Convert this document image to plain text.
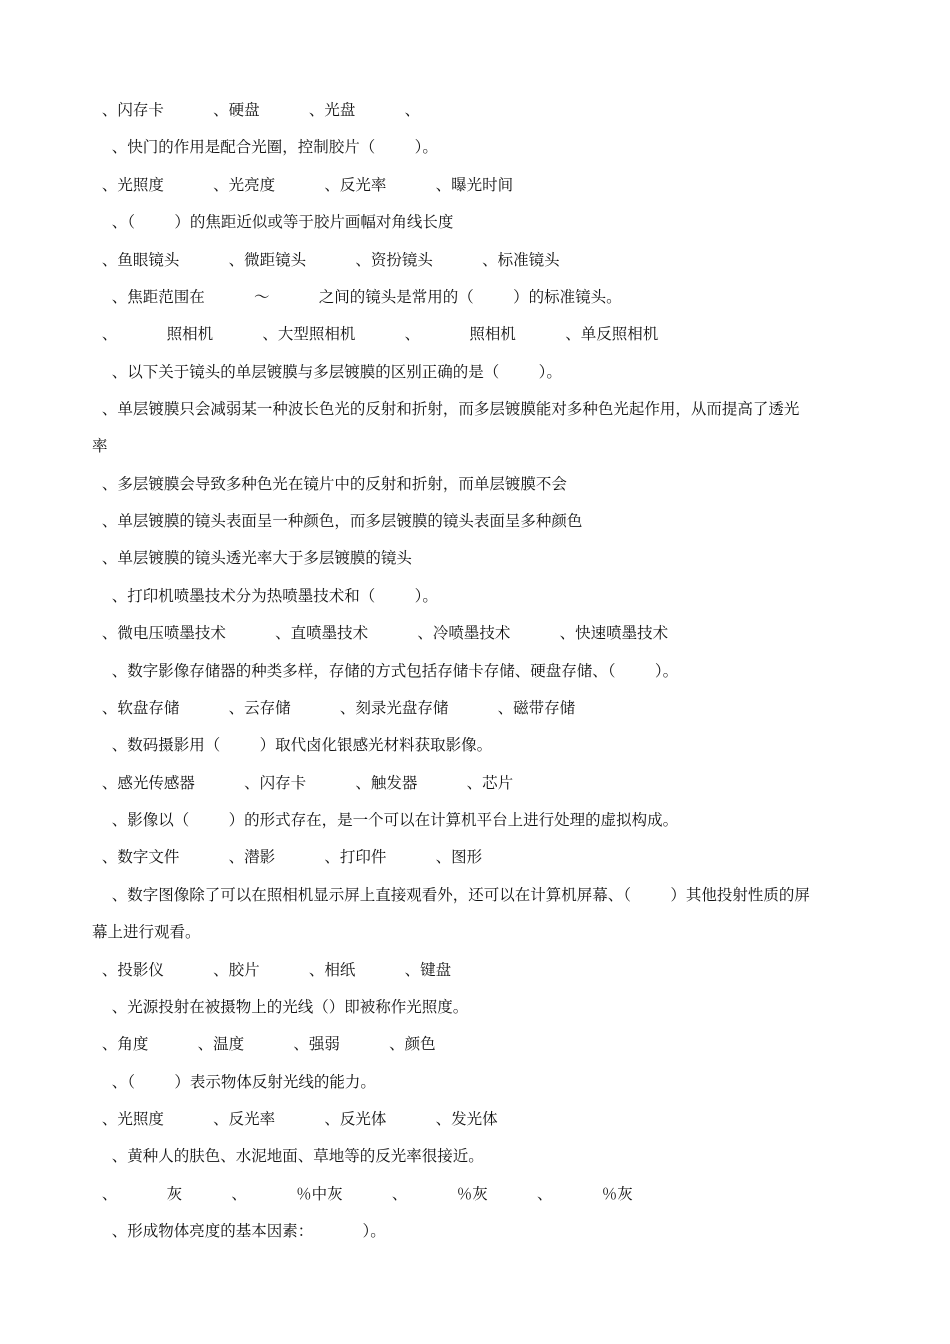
、闪存卡          、硬盘          、光盘          、
、快门的作用是配合光圈，控制胶片（        ）。
、光照度          、光亮度          、反光率          、曝光时间
、（        ）的焦距近似或等于胶片画幅对角线长度
、鱼眼镜头          、微距镜头          、资扮镜头          、标准镜头
、焦距范围在          ～          之间的镜头是常用的（        ）的标准镜头。
、          照相机          、大型照相机          、          照相机          、单反照相机
、以下关于镜头的单层镀膜与多层镀膜的区别正确的是（        ）。
、单层镀膜只会减弱某一种波长色光的反射和折射，而多层镀膜能对多种色光起作用，从而提高了透光
率
、多层镀膜会导致多种色光在镜片中的反射和折射，而单层镀膜不会
、单层镀膜的镜头表面呈一种颜色，而多层镀膜的镜头表面呈多种颜色
、单层镀膜的镜头透光率大于多层镀膜的镜头
、打印机喷墨技术分为热喷墨技术和（        ）。
、微电压喷墨技术          、直喷墨技术          、冷喷墨技术          、快速喷墨技术
、数字影像存储器的种类多样，存储的方式包括存储卡存储、硬盘存储、（        ）。
、软盘存储          、云存储          、刻录光盘存储          、磁带存储
、数码摄影用（        ）取代卤化银感光材料获取影像。
、感光传感器          、闪存卡          、触发器          、芯片
、影像以（        ）的形式存在，是一个可以在计算机平台上进行处理的虚拟构成。
、数字文件          、潜影          、打印件          、图形
、数字图像除了可以在照相机显示屏上直接观看外，还可以在计算机屏幕、（        ）其他投射性质的屏
幕上进行观看。
、投影仪          、胶片          、相纸          、键盘
、光源投射在被摄物上的光线（）即被称作光照度。
、角度          、温度          、强弱          、颜色
、（        ）表示物体反射光线的能力。
、光照度          、反光率          、反光体          、发光体
、黄种人的肤色、水泥地面、草地等的反光率很接近。
、          灰          、          ％中灰          、          ％灰          、          ％灰
、形成物体亮度的基本因素：          ）。
